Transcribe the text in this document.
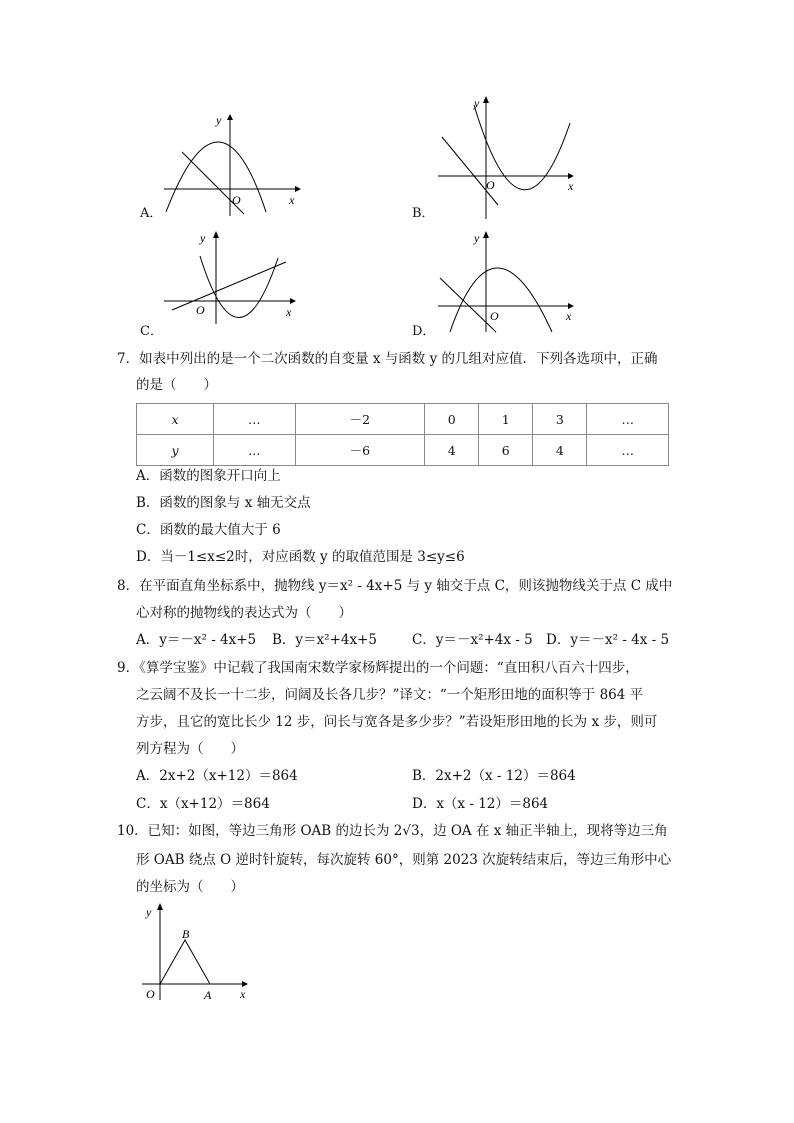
y
x
O
A．
y
x
O
B．
y
x
O
C．
y
x
O
D．
7．如表中列出的是一个二次函数的自变量 x 与函数 y 的几组对应值．下列各选项中，正确
的是（　　）
x	…	－2	0	1	3	…
y	…	－6	4	6	4	…
A．函数的图象开口向上
B．函数的图象与 x 轴无交点
C．函数的最大值大于 6
D．当－1≤x≤2时，对应函数 y 的取值范围是 3≤y≤6
8．在平面直角坐标系中，抛物线 y＝x² - 4x+5 与 y 轴交于点 C，则该抛物线关于点 C 成中
心对称的抛物线的表达式为（　　）
A．y＝－x² - 4x+5 B．y＝x²+4x+5	C．y＝－x²+4x - 5 D．y＝－x² - 4x - 5
9．《算学宝鉴》中记载了我国南宋数学家杨辉提出的一个问题：“直田积八百六十四步，
之云阔不及长一十二步，问阔及长各几步？”译文：“一个矩形田地的面积等于 864 平
方步，且它的宽比长少 12 步，问长与宽各是多少步？”若设矩形田地的长为 x 步，则可
列方程为（　　）
A．2x+2（x+12）＝864	B．2x+2（x - 12）＝864
C．x（x+12）＝864	D．x（x - 12）＝864
10．已知：如图，等边三角形 OAB 的边长为 2√3，边 OA 在 x 轴正半轴上，现将等边三角
形 OAB 绕点 O 逆时针旋转，每次旋转 60°，则第 2023 次旋转结束后，等边三角形中心
的坐标为（　　）
y
x
O	A
B
